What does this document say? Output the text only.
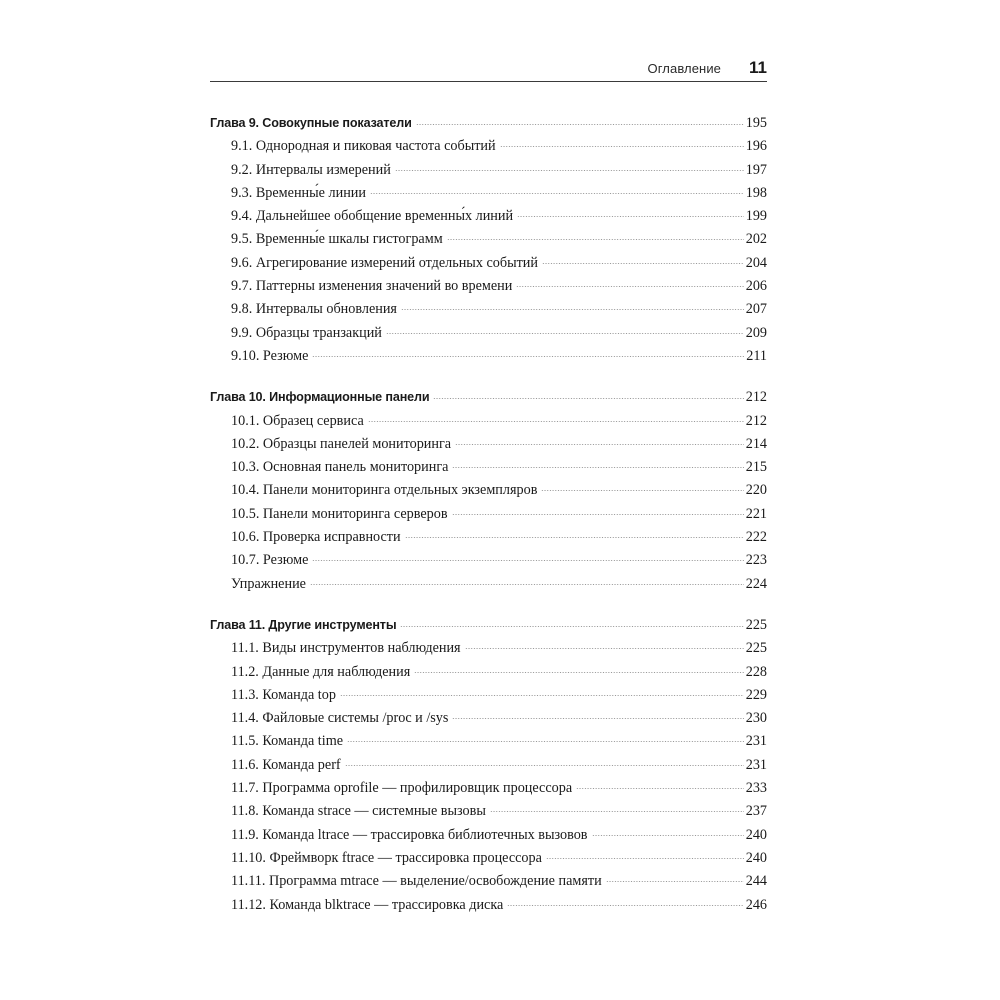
Оглавление 11
Глава 9. Совокупные показатели	195
9.1. Однородная и пиковая частота событий	196
9.2. Интервалы измерений	197
9.3. Временны́е линии	198
9.4. Дальнейшее обобщение временны́х линий	199
9.5. Временны́е шкалы гистограмм	202
9.6. Агрегирование измерений отдельных событий	204
9.7. Паттерны изменения значений во времени	206
9.8. Интервалы обновления	207
9.9. Образцы транзакций	209
9.10. Резюме	211
Глава 10. Информационные панели	212
10.1. Образец сервиса	212
10.2. Образцы панелей мониторинга	214
10.3. Основная панель мониторинга	215
10.4. Панели мониторинга отдельных экземпляров	220
10.5. Панели мониторинга серверов	221
10.6. Проверка исправности	222
10.7. Резюме	223
Упражнение	224
Глава 11. Другие инструменты	225
11.1. Виды инструментов наблюдения	225
11.2. Данные для наблюдения	228
11.3. Команда top	229
11.4. Файловые системы /proc и /sys	230
11.5. Команда time	231
11.6. Команда perf	231
11.7. Программа oprofile — профилировщик процессора	233
11.8. Команда strace — системные вызовы	237
11.9. Команда ltrace — трассировка библиотечных вызовов	240
11.10. Фреймворк ftrace — трассировка процессора	240
11.11. Программа mtrace — выделение/освобождение памяти	244
11.12. Команда blktrace — трассировка диска	246
